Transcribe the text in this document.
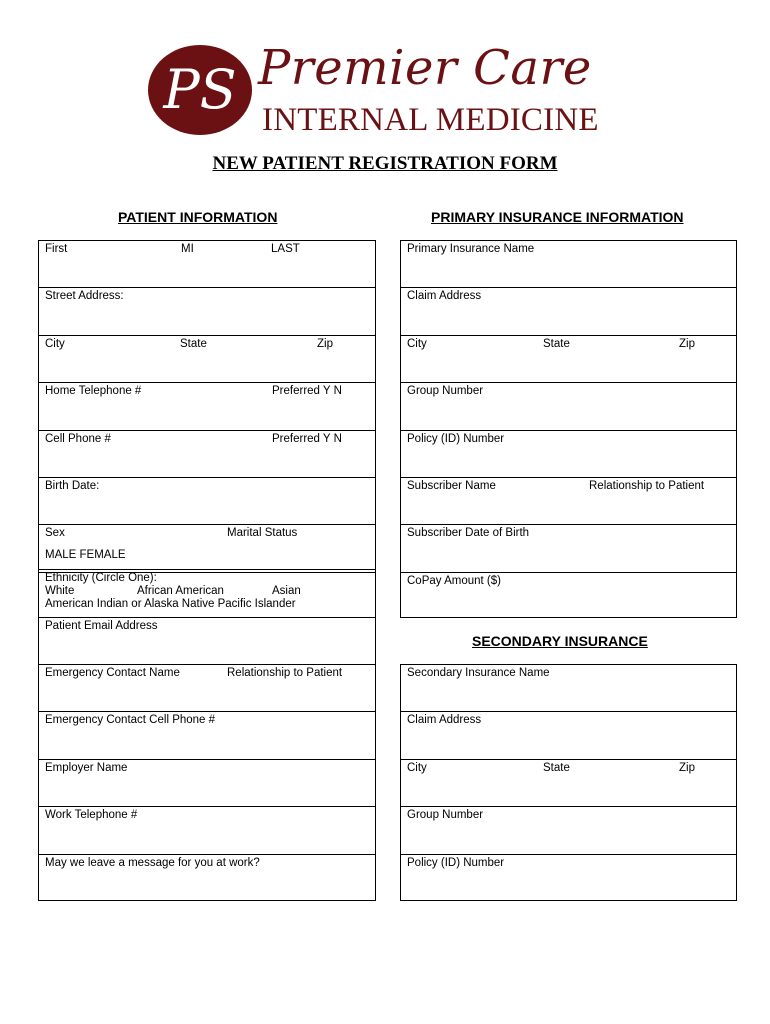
PS Premier Care
INTERNAL MEDICINE
NEW PATIENT REGISTRATION FORM
PATIENT INFORMATION	PRIMARY INSURANCE INFORMATION
SECONDARY INSURANCE
First	MI	LAST
Street Address:
City	State	Zip
Home Telephone #	Preferred Y N
Cell Phone #	Preferred Y N
Birth Date:
Sex	Marital Status
MALE FEMALE
Ethnicity (Circle One):
White	African American	Asian
American Indian or Alaska Native Pacific Islander
Patient Email Address
Emergency Contact Name	Relationship to Patient
Emergency Contact Cell Phone #
Employer Name
Work Telephone #
May we leave a message for you at work?
Primary Insurance Name
Claim Address
City	State	Zip
Group Number
Policy (ID) Number
Subscriber Name	Relationship to Patient
Subscriber Date of Birth
CoPay Amount ($)
Secondary Insurance Name
Claim Address
City	State	Zip
Group Number
Policy (ID) Number
